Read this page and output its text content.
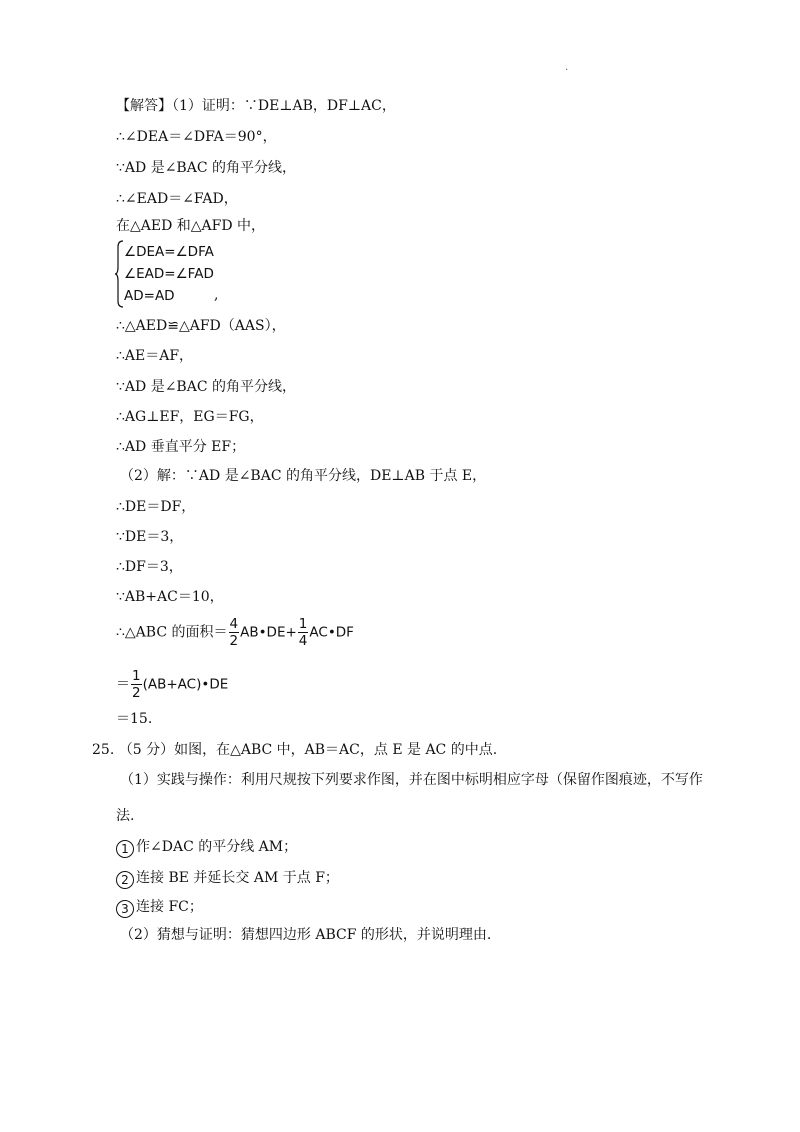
.
【解答】（1）证明：∵DE⊥AB，DF⊥AC，
∴∠DEA＝∠DFA＝90°，
∵AD 是∠BAC 的角平分线，
∴∠EAD＝∠FAD，
在△AED 和△AFD 中，
∠DEA=∠DFA
∠EAD=∠FAD
AD=AD	,
∴△AED≌△AFD（AAS），
∴AE＝AF，
∵AD 是∠BAC 的角平分线，
∴AG⊥EF，EG＝FG，
∴AD 垂直平分 EF；
（2）解：∵AD 是∠BAC 的角平分线，DE⊥AB 于点 E，
∴DE＝DF，
∵DE＝3，
∴DF＝3，
∵AB+AC＝10，
∴△ABC 的面积＝ $\frac{4}{2}$ AB•DE+ $\frac{1}{4}$ AC•DF
＝ $\frac{1}{2}$ (AB+AC)•DE
＝15.
25. （5 分）如图，在△ABC 中，AB＝AC，点 E 是 AC 的中点.
（1）实践与操作：利用尺规按下列要求作图，并在图中标明相应字母（保留作图痕迹，不写作
法.
1 作∠DAC 的平分线 AM；
2 连接 BE 并延长交 AM 于点 F；
3 连接 FC；
（2）猜想与证明：猜想四边形 ABCF 的形状，并说明理由.
